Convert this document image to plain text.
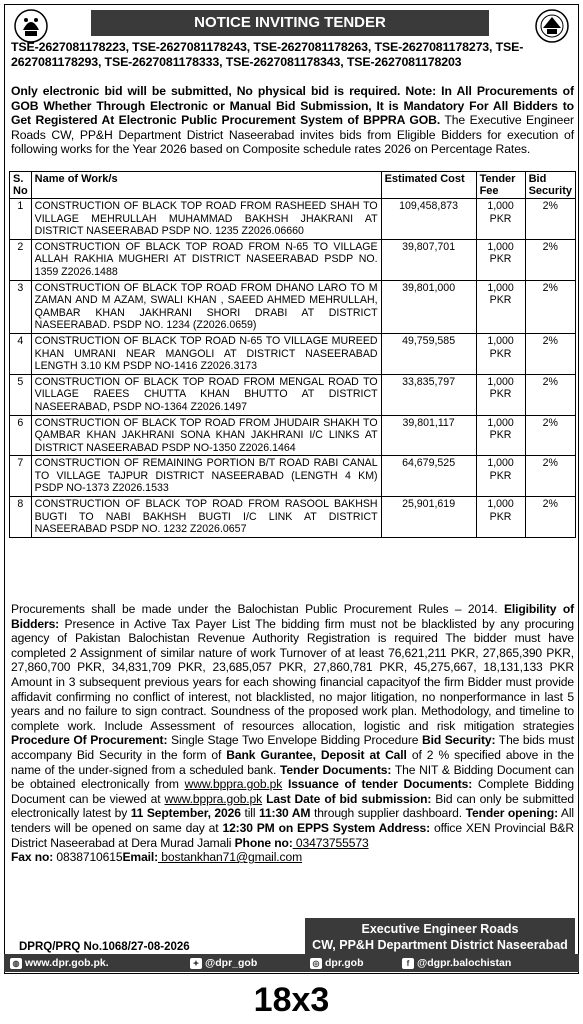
NOTICE INVITING TENDER
TSE-2627081178223, TSE-2627081178243, TSE-2627081178263, TSE-2627081178273, TSE-2627081178293, TSE-2627081178333, TSE-2627081178343, TSE-2627081178203
Only electronic bid will be submitted, No physical bid is required. Note: In All Procurements of GOB Whether Through Electronic or Manual Bid Submission, It is Mandatory For All Bidders to Get Registered At Electronic Public Procurement System of BPPRA GOB. The Executive Engineer Roads CW, PP&H Department District Naseerabad invites bids from Eligible Bidders for execution of following works for the Year 2026 based on Composite schedule rates 2026 on Percentage Rates.
S. No	Name of Work/s	Estimated Cost	Tender Fee	Bid Security
1	CONSTRUCTION OF BLACK TOP ROAD FROM RASHEED SHAH TO VILLAGE MEHRULLAH MUHAMMAD BAKHSH JHAKRANI AT DISTRICT NASEERABAD PSDP NO. 1235 Z2026.06660	109,458,873	1,000 PKR	2%
2	CONSTRUCTION OF BLACK TOP ROAD FROM N-65 TO VILLAGE ALLAH RAKHIA MUGHERI AT DISTRICT NASEERABAD PSDP NO. 1359 Z2026.1488	39,807,701	1,000 PKR	2%
3	CONSTRUCTION OF BLACK TOP ROAD FROM DHANO LARO TO M ZAMAN AND M AZAM, SWALI KHAN , SAEED AHMED MEHRULLAH, QAMBAR KHAN JAKHRANI SHORI DRABI AT DISTRICT NASEERABAD. PSDP NO. 1234 (Z2026.0659)	39,801,000	1,000 PKR	2%
4	CONSTRUCTION OF BLACK TOP ROAD N-65 TO VILLAGE MUREED KHAN UMRANI NEAR MANGOLI AT DISTRICT NASEERABAD LENGTH 3.10 KM PSDP NO-1416 Z2026.3173	49,759,585	1,000 PKR	2%
5	CONSTRUCTION OF BLACK TOP ROAD FROM MENGAL ROAD TO VILLAGE RAEES CHUTTA KHAN BHUTTO AT DISTRICT NASEERABAD, PSDP NO-1364 Z2026.1497	33,835,797	1,000 PKR	2%
6	CONSTRUCTION OF BLACK TOP ROAD FROM JHUDAIR SHAKH TO QAMBAR KHAN JAKHRANI SONA KHAN JAKHRANI I/C LINKS AT DISTRICT NASEERABAD PSDP NO-1350 Z2026.1464	39,801,117	1,000 PKR	2%
7	CONSTRUCTION OF REMAINING PORTION B/T ROAD RABI CANAL TO VILLAGE TAJPUR DISTRICT NASEERABAD (LENGTH 4 KM) PSDP NO-1373 Z2026.1533	64,679,525	1,000 PKR	2%
8	CONSTRUCTION OF BLACK TOP ROAD FROM RASOOL BAKHSH BUGTI TO NABI BAKHSH BUGTI I/C LINK AT DISTRICT NASEERABAD PSDP NO. 1232 Z2026.0657	25,901,619	1,000 PKR	2%
Procurements shall be made under the Balochistan Public Procurement Rules – 2014. Eligibility of Bidders: Presence in Active Tax Payer List The bidding firm must not be blacklisted by any procuring agency of Pakistan Balochistan Revenue Authority Registration is required The bidder must have completed 2 Assignment of similar nature of work Turnover of at least 76,621,211 PKR, 27,865,390 PKR, 27,860,700 PKR, 34,831,709 PKR, 23,685,057 PKR, 27,860,781 PKR, 45,275,667, 18,131,133 PKR Amount in 3 subsequent previous years for each showing financial capacityof the firm Bidder must provide affidavit confirming no conflict of interest, not blacklisted, no major litigation, no nonperformance in last 5 years and no failure to sign contract. Soundness of the proposed work plan. Methodology, and timeline to complete work. Include Assessment of resources allocation, logistic and risk mitigation strategies Procedure Of Procurement: Single Stage Two Envelope Bidding Procedure Bid Security: The bids must accompany Bid Security in the form of Bank Gurantee, Deposit at Call of 2 % specified above in the name of the under-signed from a scheduled bank. Tender Documents: The NIT & Bidding Document can be obtained electronically from www.bppra.gob.pk Issuance of tender Documents: Complete Bidding Document can be viewed at www.bppra.gob.pk Last Date of bid submission: Bid can only be submitted electronically latest by 11 September, 2026 till 11:30 AM through supplier dashboard. Tender opening: All tenders will be opened on same day at 12:30 PM on EPPS System Address: office XEN Provincial B&R District Naseerabad at Dera Murad Jamali Phone no: 03473755573
Fax no: 0838710615Email: bostankhan71@gmail.com
Executive Engineer Roads
CW, PP&H Department District Naseerabad
DPRQ/PRQ No.1068/27-08-2026
◍ www.dpr.gob.pk.	✦ @dpr_gob	◎ dpr.gob	f @dgpr.balochistan
18x3
